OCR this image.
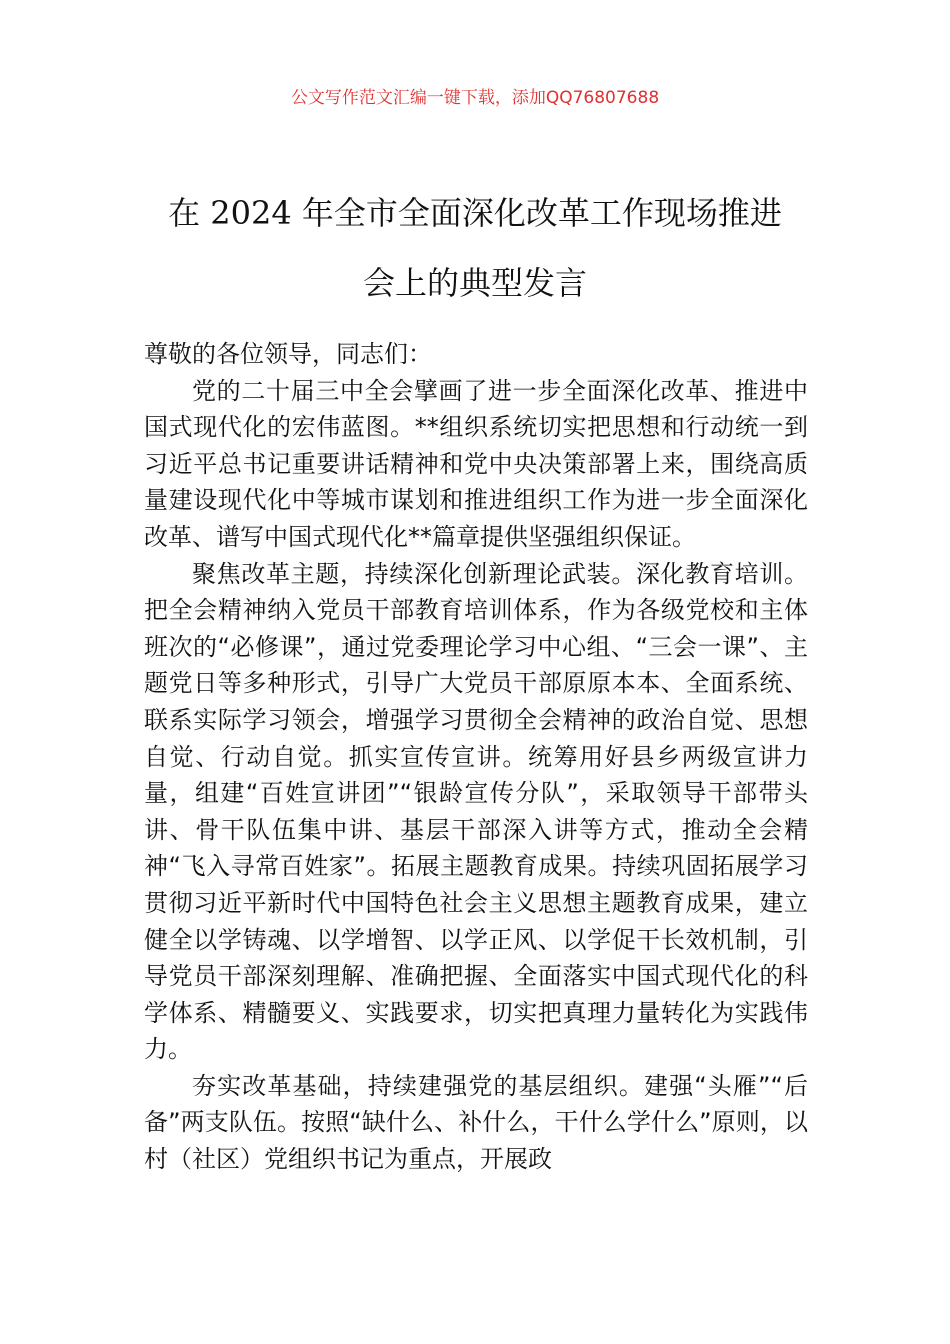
公文写作范文汇编一键下载，添加QQ76807688
在 2024 年全市全面深化改革工作现场推进
会上的典型发言

尊敬的各位领导，同志们：

党的二十届三中全会擘画了进一步全面深化改革、推进中国式现代化的宏伟蓝图。**组织系统切实把思想和行动统一到习近平总书记重要讲话精神和党中央决策部署上来，围绕高质量建设现代化中等城市谋划和推进组织工作为进一步全面深化改革、谱写中国式现代化**篇章提供坚强组织保证。

聚焦改革主题，持续深化创新理论武装。深化教育培训。把全会精神纳入党员干部教育培训体系，作为各级党校和主体班次的“必修课”，通过党委理论学习中心组、“三会一课”、主题党日等多种形式，引导广大党员干部原原本本、全面系统、联系实际学习领会，增强学习贯彻全会精神的政治自觉、思想自觉、行动自觉。抓实宣传宣讲。统筹用好县乡两级宣讲力量，组建“百姓宣讲团”“银龄宣传分队”，采取领导干部带头讲、骨干队伍集中讲、基层干部深入讲等方式，推动全会精神“飞入寻常百姓家”。拓展主题教育成果。持续巩固拓展学习贯彻习近平新时代中国特色社会主义思想主题教育成果，建立健全以学铸魂、以学增智、以学正风、以学促干长效机制，引导党员干部深刻理解、准确把握、全面落实中国式现代化的科学体系、精髓要义、实践要求，切实把真理力量转化为实践伟力。

夯实改革基础，持续建强党的基层组织。建强“头雁”“后备”两支队伍。按照“缺什么、补什么，干什么学什么”原则，以村（社区）党组织书记为重点，开展政
